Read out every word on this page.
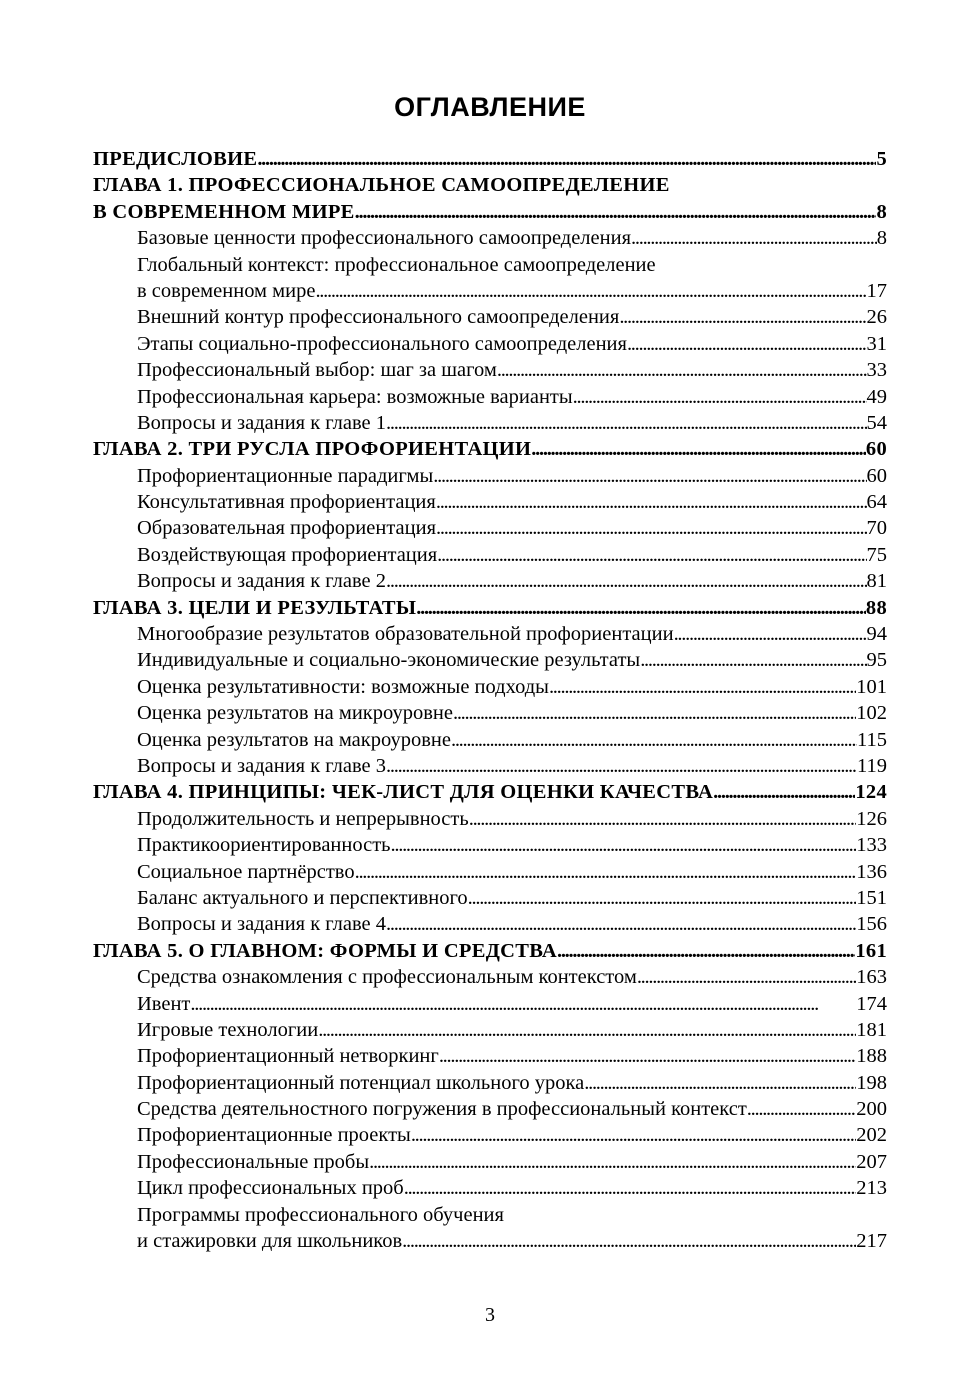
ОГЛАВЛЕНИЕ
ПРЕДИСЛОВИЕ . . .	5
ГЛАВА 1. ПРОФЕССИОНАЛЬНОЕ САМООПРЕДЕЛЕНИЕ
В СОВРЕМЕННОМ МИРЕ . . .	8
Базовые ценности профессионального самоопределения . . .	8
Глобальный контекст: профессиональное самоопределение
в современном мире . . .	17
Внешний контур профессионального самоопределения . . .	26
Этапы социально-профессионального самоопределения . . .	31
Профессиональный выбор: шаг за шагом . . .	33
Профессиональная карьера: возможные варианты . . .	49
Вопросы и задания к главе 1 . . .	54
ГЛАВА 2. ТРИ РУСЛА ПРОФОРИЕНТАЦИИ . . .	60
Профориентационные парадигмы . . .	60
Консультативная профориентация . . .	64
Образовательная профориентация . . .	70
Воздействующая профориентация . . .	75
Вопросы и задания к главе 2 . . .	81
ГЛАВА 3. ЦЕЛИ И РЕЗУЛЬТАТЫ . . .	88
Многообразие результатов образовательной профориентации . . .	94
Индивидуальные и социально-экономические результаты . . .	95
Оценка результативности: возможные подходы . . .	101
Оценка результатов на микроуровне . . .	102
Оценка результатов на макроуровне . . .	115
Вопросы и задания к главе 3 . . .	119
ГЛАВА 4. ПРИНЦИПЫ: ЧЕК-ЛИСТ ДЛЯ ОЦЕНКИ КАЧЕСТВА . . .	124
Продолжительность и непрерывность . . .	126
Практикоориентированность . . .	133
Социальное партнёрство . . .	136
Баланс актуального и перспективного . . .	151
Вопросы и задания к главе 4 . . .	156
ГЛАВА 5. О ГЛАВНОМ: ФОРМЫ И СРЕДСТВА . . .	161
Средства ознакомления с профессиональным контекстом . . .	163
Ивент . . .	174
Игровые технологии . . .	181
Профориентационный нетворкинг . . .	188
Профориентационный потенциал школьного урока . . .	198
Средства деятельностного погружения в профессиональный контекст . . .	200
Профориентационные проекты . . .	202
Профессиональные пробы . . .	207
Цикл профессиональных проб . . .	213
Программы профессионального обучения
и стажировки для школьников . . .	217
3
